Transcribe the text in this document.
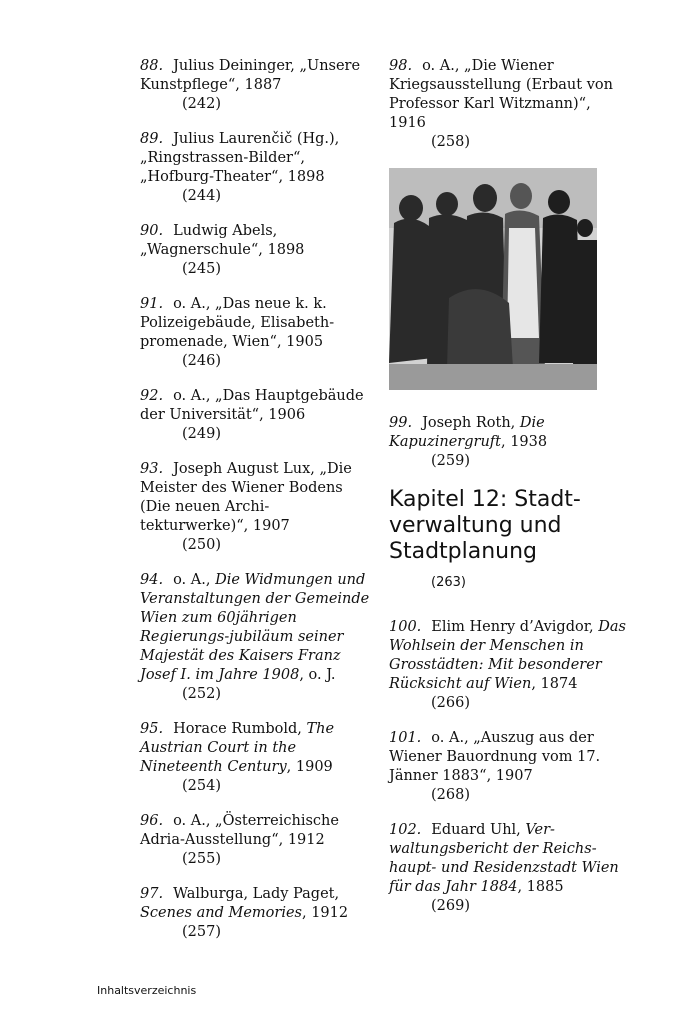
88. Julius Deininger, „Unsere Kunstpflege“, 1887
(242)
89. Julius Laurenčič (Hg.), „Ringstrassen-Bilder“, „Hofburg-Theater“, 1898
(244)
90. Ludwig Abels, „Wagnerschule“, 1898
(245)
91. o. A., „Das neue k. k. Polizeigebäude, Elisabeth-promenade, Wien“, 1905
(246)
92. o. A., „Das Hauptgebäude der Universität“, 1906
(249)
93. Joseph August Lux, „Die Meister des Wiener Bodens (Die neuen Archi-tekturwerke)“, 1907
(250)
94. o. A., Die Widmungen und Veranstaltungen der Gemeinde Wien zum 60jährigen Regierungs-jubiläum seiner Majestät des Kaisers Franz Josef I. im Jahre 1908, o. J.
(252)
95. Horace Rumbold, The Austrian Court in the Nineteenth Century, 1909
(254)
96. o. A., „Österreichische Adria-Ausstellung“, 1912
(255)
97. Walburga, Lady Paget, Scenes and Memories, 1912
(257)
98. o. A., „Die Wiener Kriegsausstellung (Erbaut von Professor Karl Witzmann)“, 1916
(258)
99. Joseph Roth, Die Kapuzinergruft, 1938
(259)
Kapitel 12: Stadt-verwaltung und Stadtplanung
(263)
100. Elim Henry d’Avigdor, Das Wohlsein der Menschen in Grosstädten: Mit besonderer Rücksicht auf Wien, 1874
(266)
101. o. A., „Auszug aus der Wiener Bauordnung vom 17. Jänner 1883“, 1907
(268)
102. Eduard Uhl, Ver-waltungsbericht der Reichs-haupt- und Residenzstadt Wien für das Jahr 1884, 1885
(269)
Inhaltsverzeichnis
